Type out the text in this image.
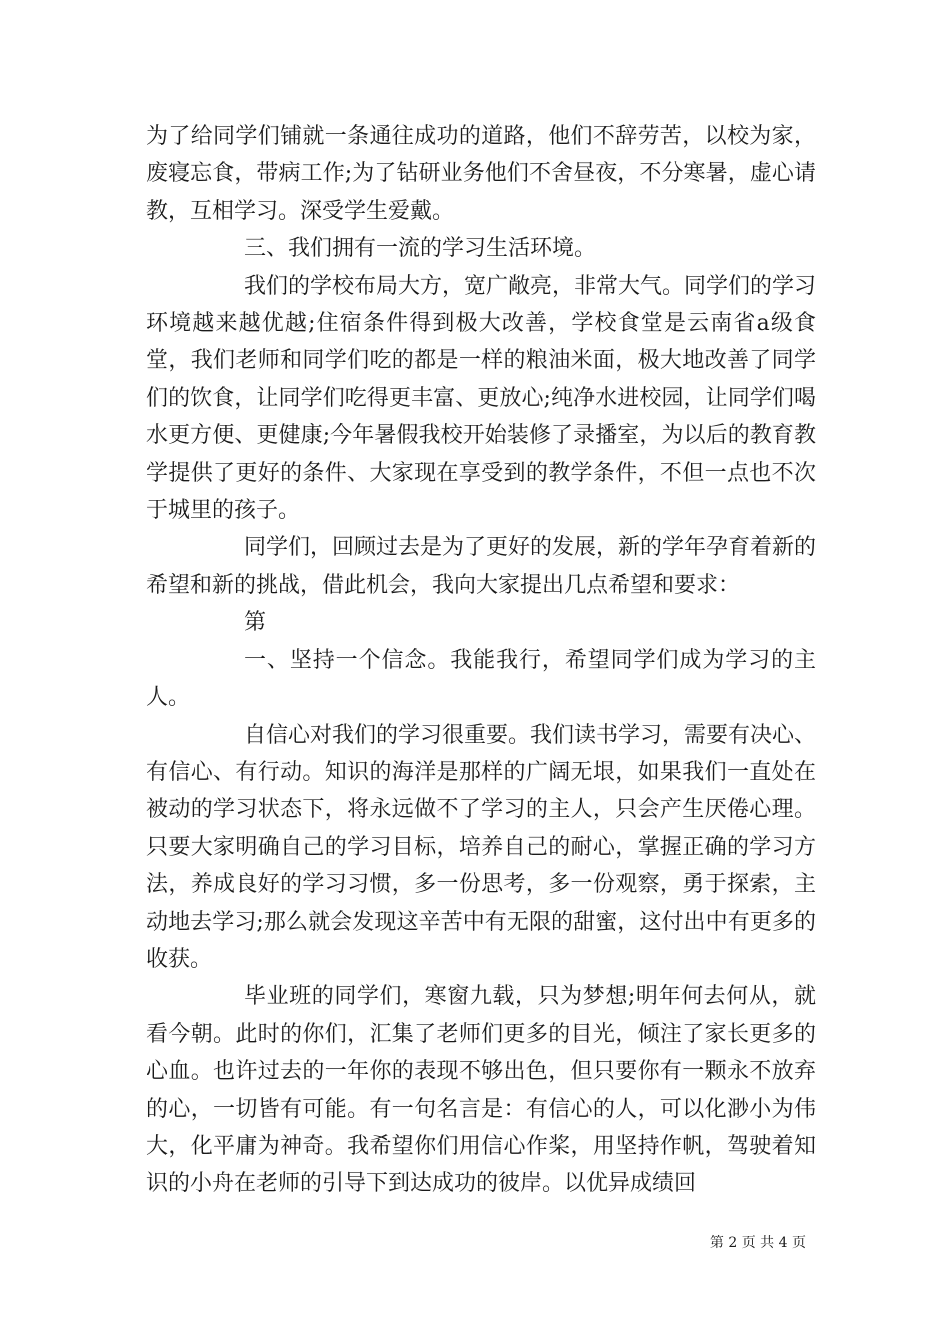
为了给同学们铺就一条通往成功的道路，他们不辞劳苦，以校为家，废寝忘食，带病工作;为了钻研业务他们不舍昼夜，不分寒暑，虚心请教，互相学习。深受学生爱戴。

三、我们拥有一流的学习生活环境。

我们的学校布局大方，宽广敞亮，非常大气。同学们的学习环境越来越优越;住宿条件得到极大改善，学校食堂是云南省a级食堂，我们老师和同学们吃的都是一样的粮油米面，极大地改善了同学们的饮食，让同学们吃得更丰富、更放心;纯净水进校园，让同学们喝水更方便、更健康;今年暑假我校开始装修了录播室，为以后的教育教学提供了更好的条件、大家现在享受到的教学条件，不但一点也不次于城里的孩子。

同学们，回顾过去是为了更好的发展，新的学年孕育着新的希望和新的挑战，借此机会，我向大家提出几点希望和要求：

第

一、坚持一个信念。我能我行，希望同学们成为学习的主人。

自信心对我们的学习很重要。我们读书学习，需要有决心、有信心、有行动。知识的海洋是那样的广阔无垠，如果我们一直处在被动的学习状态下，将永远做不了学习的主人，只会产生厌倦心理。只要大家明确自己的学习目标，培养自己的耐心，掌握正确的学习方法，养成良好的学习习惯，多一份思考，多一份观察，勇于探索，主动地去学习;那么就会发现这辛苦中有无限的甜蜜，这付出中有更多的收获。

毕业班的同学们，寒窗九载，只为梦想;明年何去何从，就看今朝。此时的你们，汇集了老师们更多的目光，倾注了家长更多的心血。也许过去的一年你的表现不够出色，但只要你有一颗永不放弃的心，一切皆有可能。有一句名言是：有信心的人，可以化渺小为伟大，化平庸为神奇。我希望你们用信心作桨，用坚持作帆，驾驶着知识的小舟在老师的引导下到达成功的彼岸。以优异成绩回

第 2 页 共 4 页
